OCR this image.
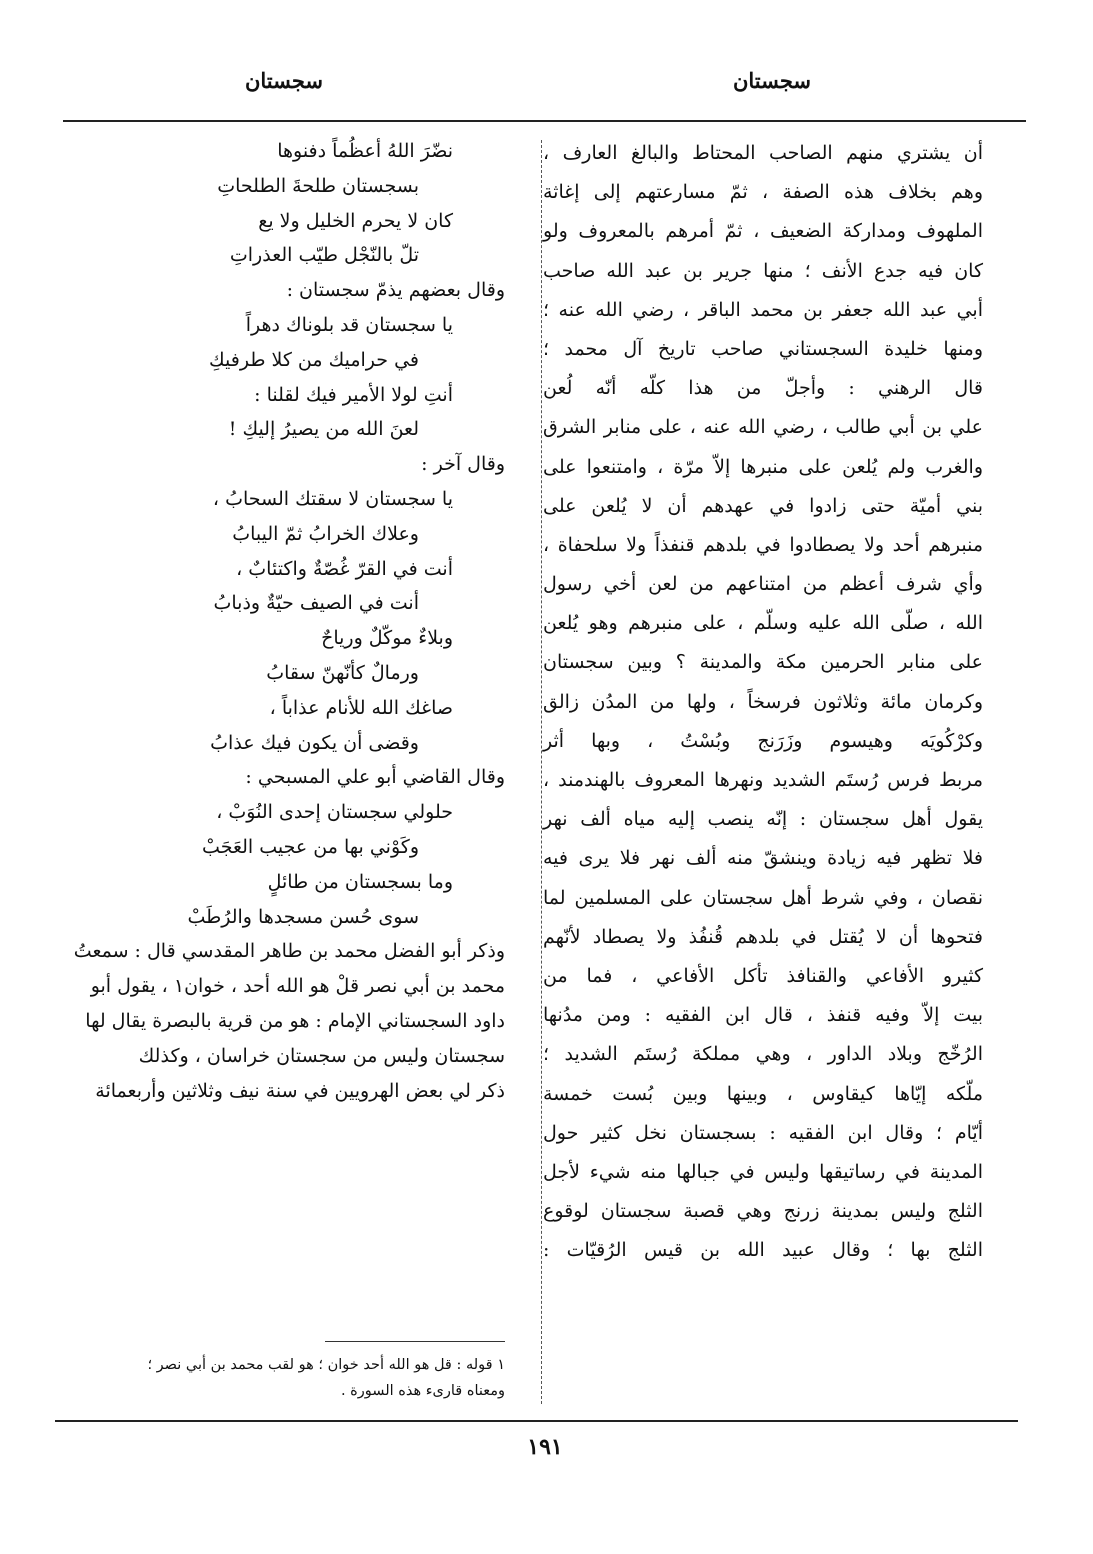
سجستان
سجستان
أن يشتري منهم الصاحب المحتاط والبالغ العارف ،
وهم بخلاف هذه الصفة ، ثمّ مسارعتهم إلى إغاثة
الملهوف ومداركة الضعيف ، ثمّ أمرهم بالمعروف ولو
كان فيه جدع الأنف ؛ منها جرير بن عبد الله صاحب
أبي عبد الله جعفر بن محمد الباقر ، رضي الله عنه ؛
ومنها خليدة السجستاني صاحب تاريخ آل محمد ؛
قال الرهني : وأجلّ من هذا كلّه أنّه لُعن
علي بن أبي طالب ، رضي الله عنه ، على منابر الشرق
والغرب ولم يُلعن على منبرها إلاّ مرّة ، وامتنعوا على
بني أميّة حتى زادوا في عهدهم أن لا يُلعن على
منبرهم أحد ولا يصطادوا في بلدهم قنفذاً ولا سلحفاة ،
وأي شرف أعظم من امتناعهم من لعن أخي رسول
الله ، صلّى الله عليه وسلّم ، على منبرهم وهو يُلعن
على منابر الحرمين مكة والمدينة ؟ وبين سجستان
وكرمان مائة وثلاثون فرسخاً ، ولها من المدُن زالق
وكرْكُويَه وهيسوم وزَرَنج وبُسْتُ ، وبها أثر
مربط فرس رُستَم الشديد ونهرها المعروف بالهندمند ،
يقول أهل سجستان : إنّه ينصب إليه مياه ألف نهر
فلا تظهر فيه زيادة وينشقّ منه ألف نهر فلا يرى فيه
نقصان ، وفي شرط أهل سجستان على المسلمين لما
فتحوها أن لا يُقتل في بلدهم قُنفُذ ولا يصطاد لأنّهم
كثيرو الأفاعي والقنافذ تأكل الأفاعي ، فما من
بيت إلاّ وفيه قنفذ ، قال ابن الفقيه : ومن مدُنها
الرُخّج وبلاد الداور ، وهي مملكة رُستَم الشديد ؛
ملّكه إيّاها كيقاوس ، وبينها وبين بُست خمسة
أيّام ؛ وقال ابن الفقيه : بسجستان نخل كثير حول
المدينة في رساتيقها وليس في جبالها منه شيء لأجل
الثلج وليس بمدينة زرنج وهي قصبة سجستان لوقوع
الثلج بها ؛ وقال عبيد الله بن قيس الرُقيّات :
نضّرَ اللهُ أعظُماً دفنوها
بسجستان طلحةَ الطلحاتِ
كان لا يحرم الخليل ولا يع
تلّ بالنّجْل طيّب العذراتِ
وقال بعضهم يذمّ سجستان :
يا سجستان قد بلوناك دهراً
في حراميك من كلا طرفيكِ
أنتِ لولا الأمير فيك لقلنا :
لعنَ الله من يصيرُ إليكِ !
وقال آخر :
يا سجستان لا سقتك السحابُ ،
وعلاك الخرابُ ثمّ اليبابُ
أنت في القرّ غُصّةٌ واكتئابٌ ،
أنت في الصيف حيّةٌ وذبابُ
وبلاءٌ موكّلٌ ورياحٌ
ورمالٌ كأنّهنّ سقابُ
صاغك الله للأنام عذاباً ،
وقضى أن يكون فيك عذابُ
وقال القاضي أبو علي المسبحي :
حلولي سجستان إحدى النُوَبْ ،
وكَوْني بها من عجيب العَجَبْ
وما بسجستان من طائلٍ
سوى حُسن مسجدها والرُطَبْ
وذكر أبو الفضل محمد بن طاهر المقدسي قال : سمعتُ
محمد بن أبي نصر قلْ هو الله أحد ، خوان١ ، يقول أبو
داود السجستاني الإمام : هو من قرية بالبصرة يقال لها
سجستان وليس من سجستان خراسان ، وكذلك
ذكر لي بعض الهرويين في سنة نيف وثلاثين وأربعمائة
١ قوله : قل هو الله أحد خوان ؛ هو لقب محمد بن أبي نصر ؛
ومعناه قارىء هذه السورة .
١٩١
